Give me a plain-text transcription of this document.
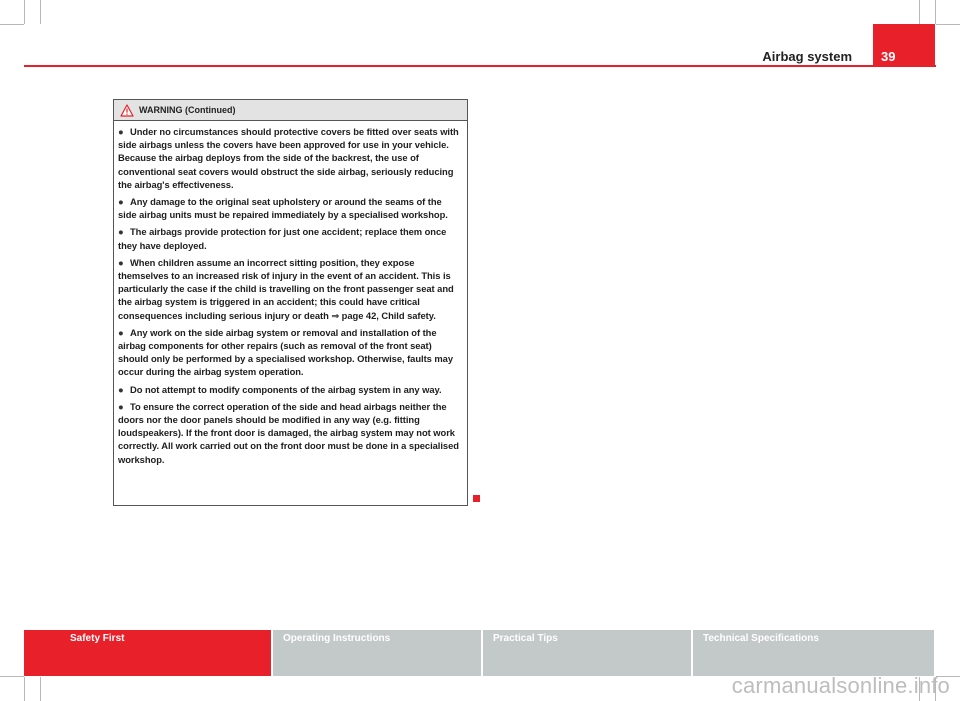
Airbag system	39
WARNING (Continued)
● Under no circumstances should protective covers be fitted over seats with side airbags unless the covers have been approved for use in your vehicle. Because the airbag deploys from the side of the backrest, the use of conventional seat covers would obstruct the side airbag, seriously reducing the airbag's effectiveness.
● Any damage to the original seat upholstery or around the seams of the side airbag units must be repaired immediately by a specialised workshop.
● The airbags provide protection for just one accident; replace them once they have deployed.
● When children assume an incorrect sitting position, they expose themselves to an increased risk of injury in the event of an accident. This is particularly the case if the child is travelling on the front passenger seat and the airbag system is triggered in an accident; this could have critical consequences including serious injury or death ⇒ page 42, Child safety.
● Any work on the side airbag system or removal and installation of the airbag components for other repairs (such as removal of the front seat) should only be performed by a specialised workshop. Otherwise, faults may occur during the airbag system operation.
● Do not attempt to modify components of the airbag system in any way.
● To ensure the correct operation of the side and head airbags neither the doors nor the door panels should be modified in any way (e.g. fitting loudspeakers). If the front door is damaged, the airbag system may not work correctly. All work carried out on the front door must be done in a specialised workshop.
Safety First	Operating Instructions	Practical Tips	Technical Specifications
carmanualsonline.info
